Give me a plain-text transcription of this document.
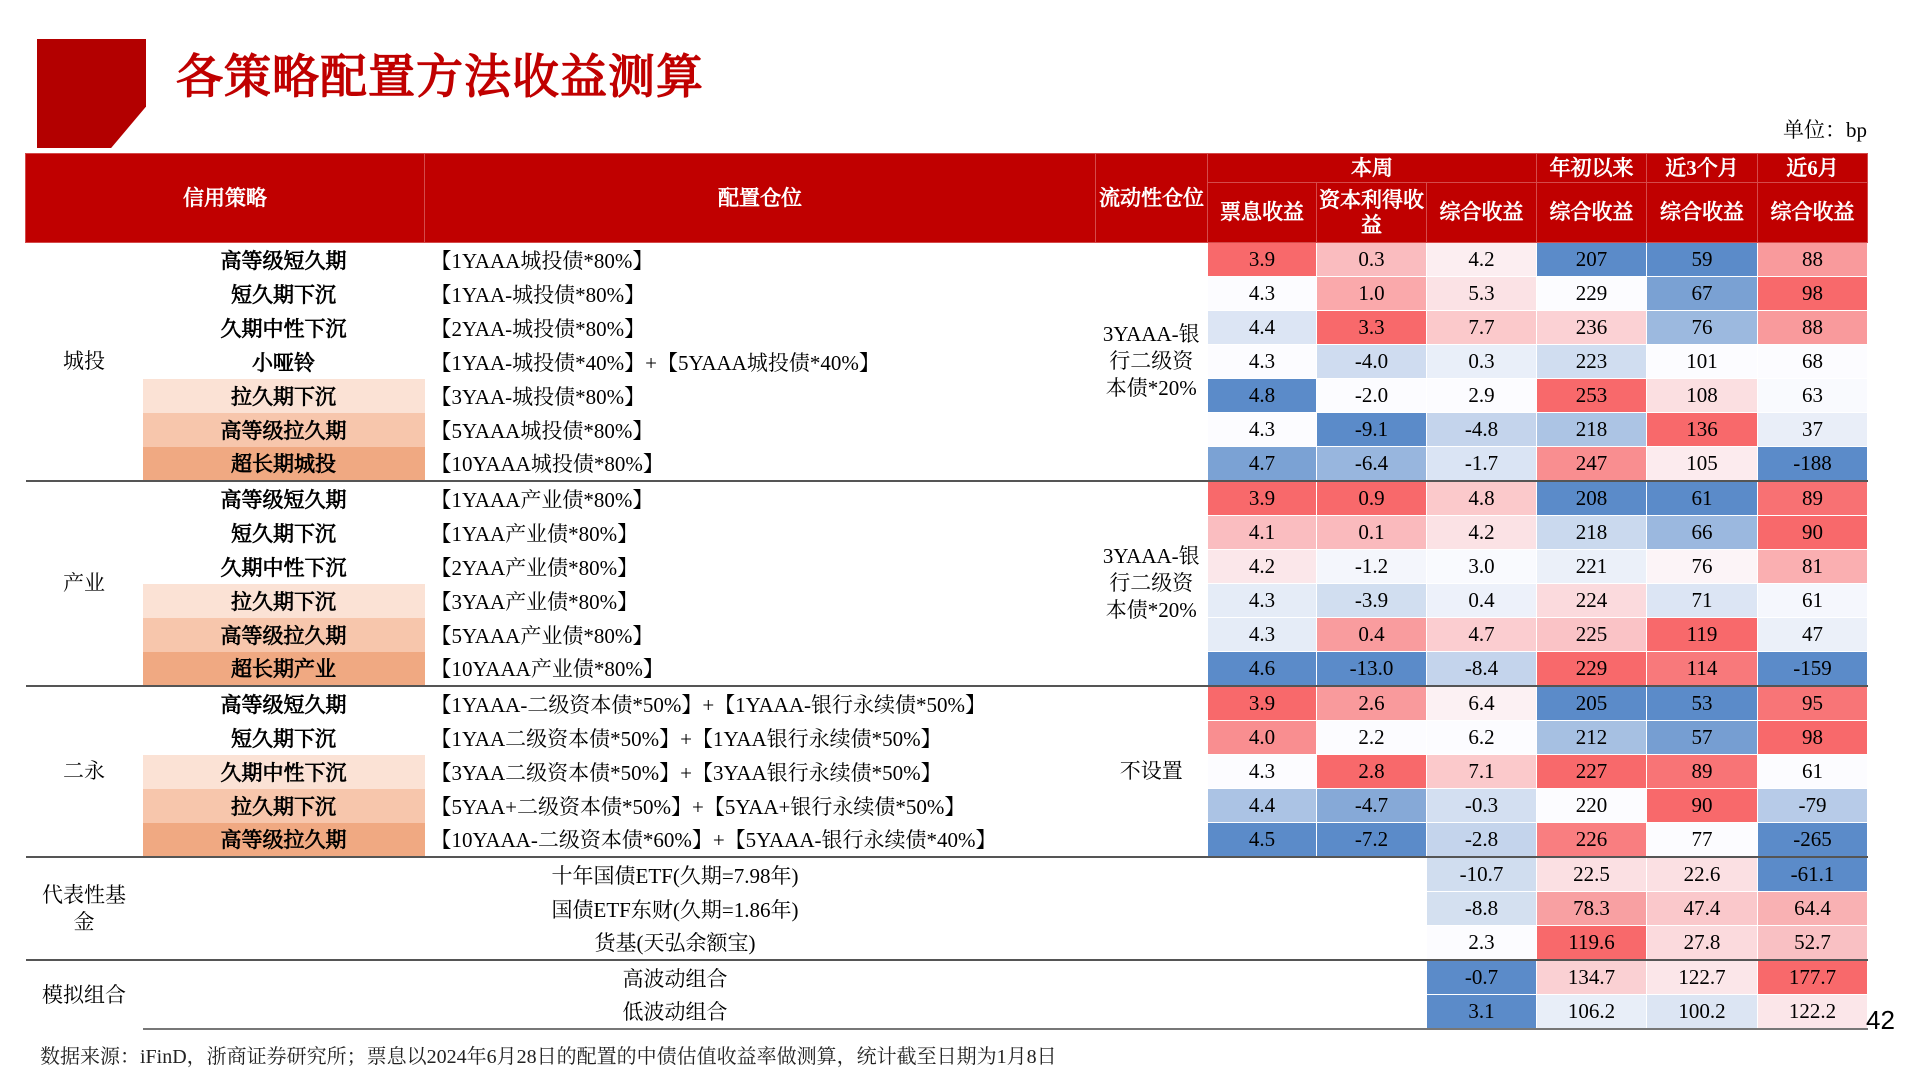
各策略配置方法收益测算
单位：bp
信用策略		配置仓位	流动性仓位	本周			年初以来	近3个月	近6月
				票息收益	资本利得收益	综合收益	综合收益	综合收益	综合收益

城投	高等级短久期	【1YAAA城投债*80%】	3YAAA-银行二级资本债*20%	3.9	0.3	4.2	207	59	88
	短久期下沉	【1YAA-城投债*80%】		4.3	1.0	5.3	229	67	98
	久期中性下沉	【2YAA-城投债*80%】		4.4	3.3	7.7	236	76	88
	小哑铃	【1YAA-城投债*40%】+【5YAAA城投债*40%】		4.3	-4.0	0.3	223	101	68
	拉久期下沉	【3YAA-城投债*80%】		4.8	-2.0	2.9	253	108	63
	高等级拉久期	【5YAAA城投债*80%】		4.3	-9.1	-4.8	218	136	37
	超长期城投	【10YAAA城投债*80%】		4.7	-6.4	-1.7	247	105	-188

产业	高等级短久期	【1YAAA产业债*80%】	3YAAA-银行二级资本债*20%	3.9	0.9	4.8	208	61	89
	短久期下沉	【1YAA产业债*80%】		4.1	0.1	4.2	218	66	90
	久期中性下沉	【2YAA产业债*80%】		4.2	-1.2	3.0	221	76	81
	拉久期下沉	【3YAA产业债*80%】		4.3	-3.9	0.4	224	71	61
	高等级拉久期	【5YAAA产业债*80%】		4.3	0.4	4.7	225	119	47
	超长期产业	【10YAAA产业债*80%】		4.6	-13.0	-8.4	229	114	-159

二永	高等级短久期	【1YAAA-二级资本债*50%】+【1YAAA-银行永续债*50%】	不设置	3.9	2.6	6.4	205	53	95
	短久期下沉	【1YAA二级资本债*50%】+【1YAA银行永续债*50%】		4.0	2.2	6.2	212	57	98
	久期中性下沉	【3YAA二级资本债*50%】+【3YAA银行永续债*50%】		4.3	2.8	7.1	227	89	61
	拉久期下沉	【5YAA+二级资本债*50%】+【5YAA+银行永续债*50%】		4.4	-4.7	-0.3	220	90	-79
	高等级拉久期	【10YAAA-二级资本债*60%】+【5YAAA-银行永续债*40%】		4.5	-7.2	-2.8	226	77	-265

代表性基金	十年国债ETF(久期=7.98年)					-10.7	22.5	22.6	-61.1
	国债ETF东财(久期=1.86年)					-8.8	78.3	47.4	64.4
	货基(天弘余额宝)					2.3	119.6	27.8	52.7

模拟组合	高波动组合					-0.7	134.7	122.7	177.7
	低波动组合					3.1	106.2	100.2	122.2 42
数据来源：iFinD，浙商证券研究所；票息以2024年6月28日的配置的中债估值收益率做测算，统计截至日期为1月8日
